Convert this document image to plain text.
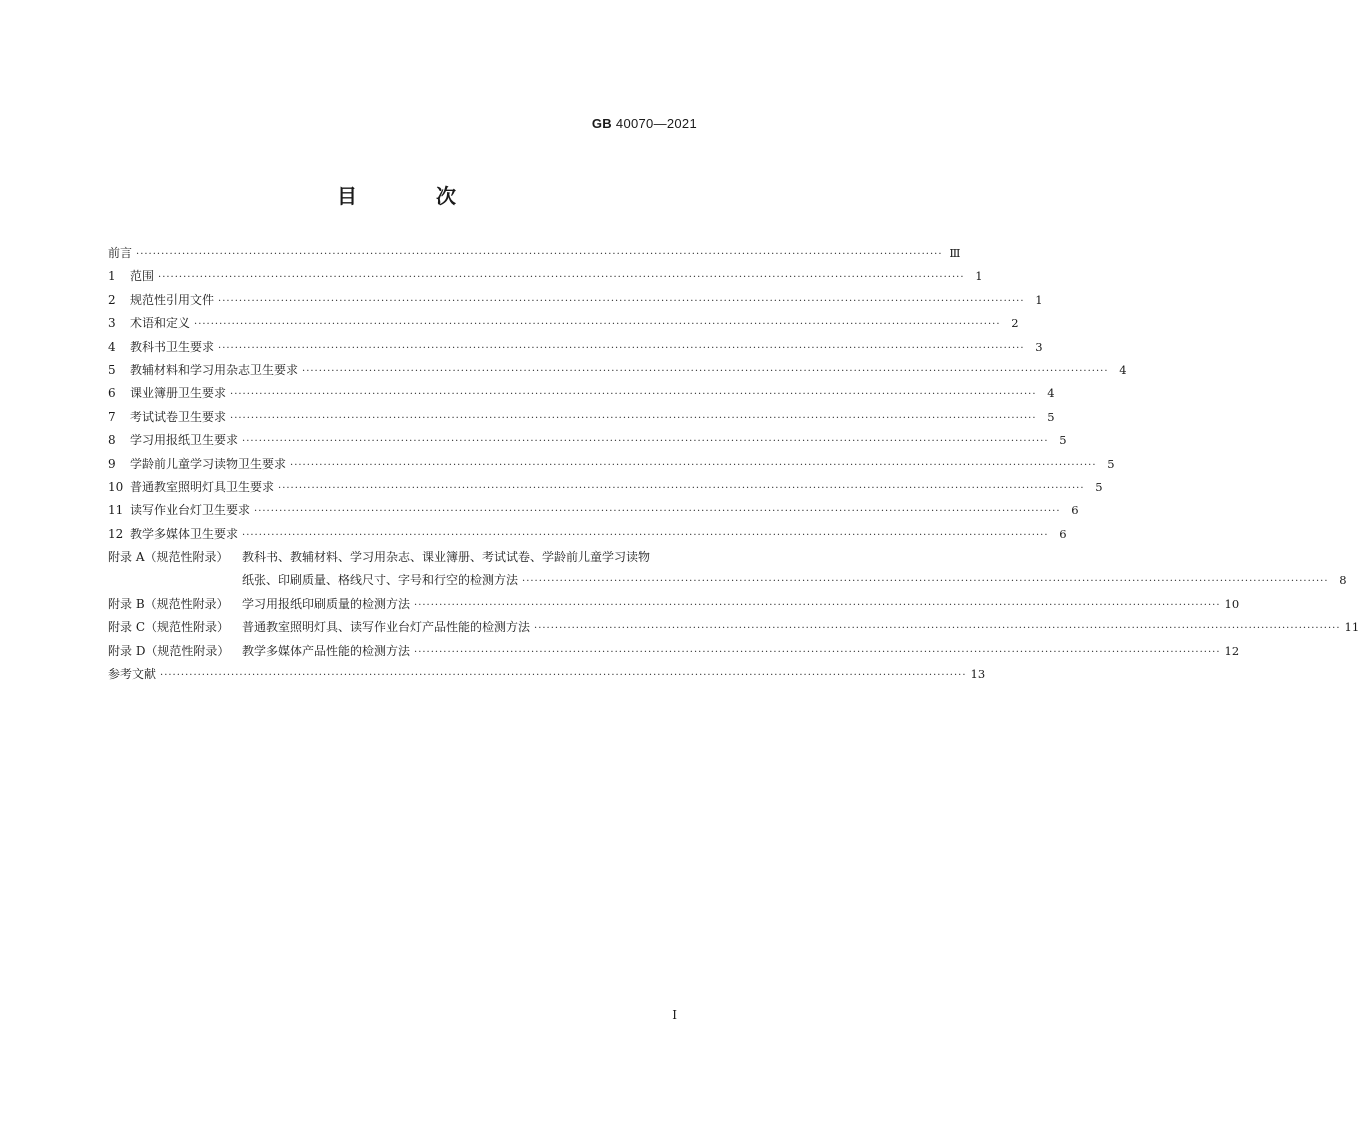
GB 40070—2021
目 次
前言 ·····	Ⅲ
1 范围 ·····	1
2 规范性引用文件 ·····	1
3 术语和定义 ·····	2
4 教科书卫生要求 ·····	3
5 教辅材料和学习用杂志卫生要求 ·····	4
6 课业簿册卫生要求 ·····	4
7 考试试卷卫生要求 ·····	5
8 学习用报纸卫生要求 ·····	5
9 学龄前儿童学习读物卫生要求 ·····	5
10 普通教室照明灯具卫生要求 ·····	5
11 读写作业台灯卫生要求 ·····	6
12 教学多媒体卫生要求 ·····	6
附录 A（规范性附录）	教科书、教辅材料、学习用杂志、课业簿册、考试试卷、学龄前儿童学习读物
纸张、印刷质量、格线尺寸、字号和行空的检测方法 ·····	8
附录 B（规范性附录）	学习用报纸印刷质量的检测方法 ·····	10
附录 C（规范性附录）	普通教室照明灯具、读写作业台灯产品性能的检测方法 ·····	11
附录 D（规范性附录）	教学多媒体产品性能的检测方法 ·····	12
参考文献 ·····	13
I
